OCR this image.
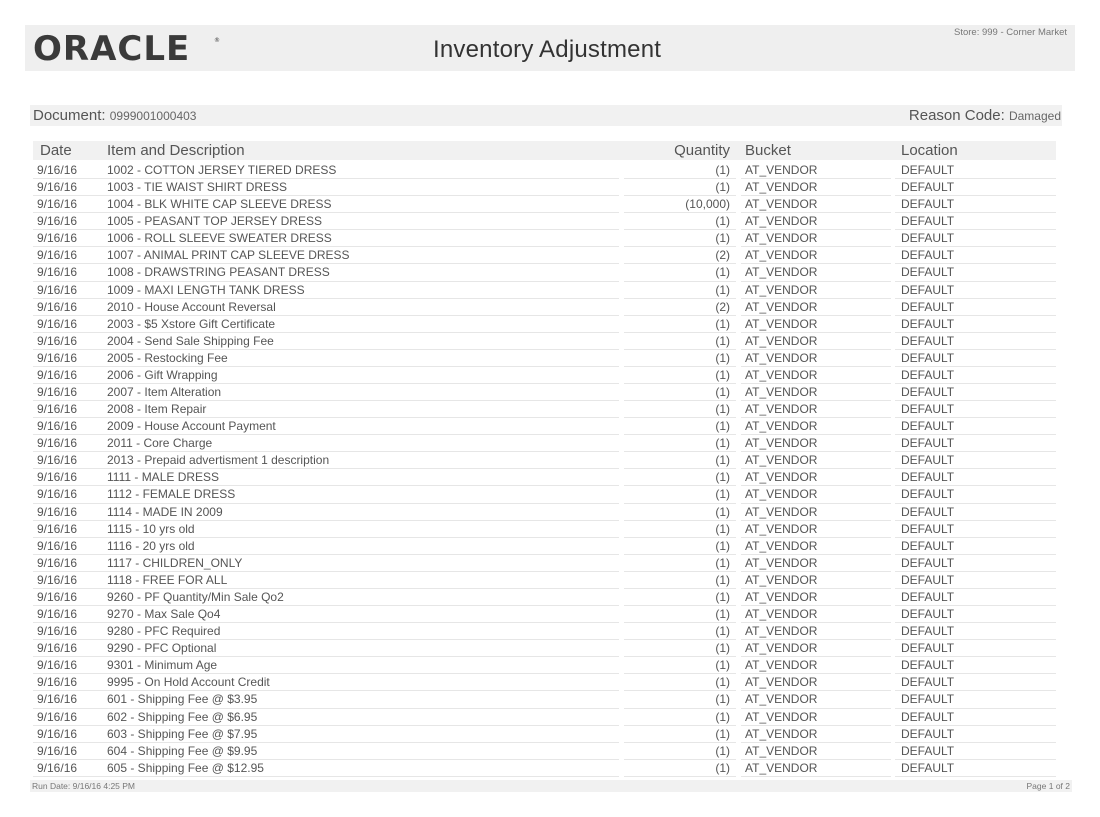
ORACLE	®	Inventory Adjustment
Store: 999 - Corner Market
Document: 0999001000403	Reason Code: Damaged
Date Item and Description	Quantity Bucket	Location
9/16/16 1002 - COTTON JERSEY TIERED DRESS	(1) AT_VENDOR	DEFAULT
9/16/16 1003 - TIE WAIST SHIRT DRESS	(1) AT_VENDOR	DEFAULT
9/16/16 1004 - BLK WHITE CAP SLEEVE DRESS	(10,000) AT_VENDOR	DEFAULT
9/16/16 1005 - PEASANT TOP JERSEY DRESS	(1) AT_VENDOR	DEFAULT
9/16/16 1006 - ROLL SLEEVE SWEATER DRESS	(1) AT_VENDOR	DEFAULT
9/16/16 1007 - ANIMAL PRINT CAP SLEEVE DRESS	(2) AT_VENDOR	DEFAULT
9/16/16 1008 - DRAWSTRING PEASANT DRESS	(1) AT_VENDOR	DEFAULT
9/16/16 1009 - MAXI LENGTH TANK DRESS	(1) AT_VENDOR	DEFAULT
9/16/16 2010 - House Account Reversal	(2) AT_VENDOR	DEFAULT
9/16/16 2003 - $5 Xstore Gift Certificate	(1) AT_VENDOR	DEFAULT
9/16/16 2004 - Send Sale Shipping Fee	(1) AT_VENDOR	DEFAULT
9/16/16 2005 - Restocking Fee	(1) AT_VENDOR	DEFAULT
9/16/16 2006 - Gift Wrapping	(1) AT_VENDOR	DEFAULT
9/16/16 2007 - Item Alteration	(1) AT_VENDOR	DEFAULT
9/16/16 2008 - Item Repair	(1) AT_VENDOR	DEFAULT
9/16/16 2009 - House Account Payment	(1) AT_VENDOR	DEFAULT
9/16/16 2011 - Core Charge	(1) AT_VENDOR	DEFAULT
9/16/16 2013 - Prepaid advertisment 1 description	(1) AT_VENDOR	DEFAULT
9/16/16 1111 - MALE DRESS	(1) AT_VENDOR	DEFAULT
9/16/16 1112 - FEMALE DRESS	(1) AT_VENDOR	DEFAULT
9/16/16 1114 - MADE IN 2009	(1) AT_VENDOR	DEFAULT
9/16/16 1115 - 10 yrs old	(1) AT_VENDOR	DEFAULT
9/16/16 1116 - 20 yrs old	(1) AT_VENDOR	DEFAULT
9/16/16 1117 - CHILDREN_ONLY	(1) AT_VENDOR	DEFAULT
9/16/16 1118 - FREE FOR ALL	(1) AT_VENDOR	DEFAULT
9/16/16 9260 - PF Quantity/Min Sale Qo2	(1) AT_VENDOR	DEFAULT
9/16/16 9270 - Max Sale Qo4	(1) AT_VENDOR	DEFAULT
9/16/16 9280 - PFC Required	(1) AT_VENDOR	DEFAULT
9/16/16 9290 - PFC Optional	(1) AT_VENDOR	DEFAULT
9/16/16 9301 - Minimum Age	(1) AT_VENDOR	DEFAULT
9/16/16 9995 - On Hold Account Credit	(1) AT_VENDOR	DEFAULT
9/16/16 601 - Shipping Fee @ $3.95	(1) AT_VENDOR	DEFAULT
9/16/16 602 - Shipping Fee @ $6.95	(1) AT_VENDOR	DEFAULT
9/16/16 603 - Shipping Fee @ $7.95	(1) AT_VENDOR	DEFAULT
9/16/16 604 - Shipping Fee @ $9.95	(1) AT_VENDOR	DEFAULT
9/16/16 605 - Shipping Fee @ $12.95	(1) AT_VENDOR	DEFAULT
Run Date: 9/16/16 4:25 PM	Page 1 of 2
